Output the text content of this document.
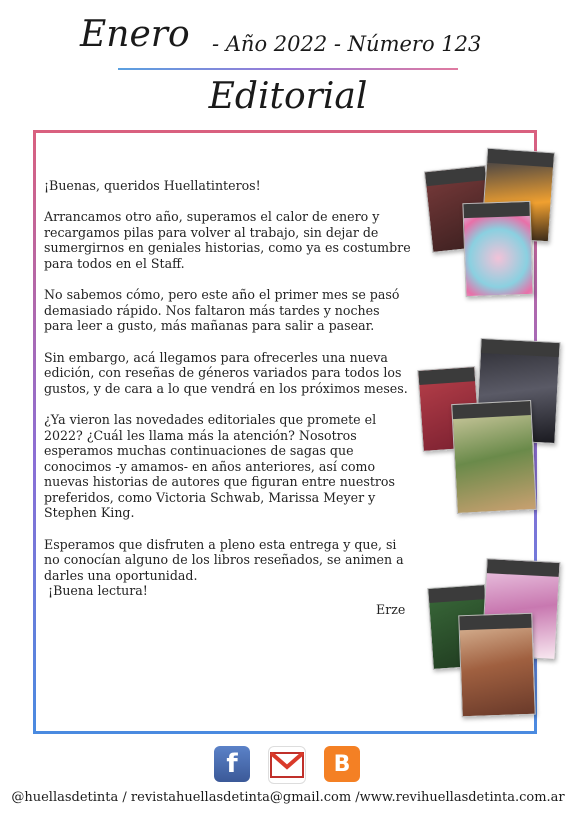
Enero - Año 2022 - Número 123
Editorial

¡Buenas, queridos Huellatinteros!

Arrancamos otro año, superamos el calor de enero y recargamos pilas para volver al trabajo, sin dejar de sumergirnos en geniales historias, como ya es costumbre para todos en el Staff.

No sabemos cómo, pero este año el primer mes se pasó demasiado rápido. Nos faltaron más tardes y noches para leer a gusto, más mañanas para salir a pasear.

Sin embargo, acá llegamos para ofrecerles una nueva edición, con reseñas de géneros variados para todos los gustos, y de cara a lo que vendrá en los próximos meses.

¿Ya vieron las novedades editoriales que promete el 2022? ¿Cuál les llama más la atención? Nosotros esperamos muchas continuaciones de sagas que conocimos -y amamos- en años anteriores, así como nuevas historias de autores que figuran entre nuestros preferidos, como Victoria Schwab, Marissa Meyer y Stephen King.

Esperamos que disfruten a pleno esta entrega y que, si no conocían alguno de los libros reseñados, se animen a darles una oportunidad.

¡Buena lectura!
Erze
f	B
@huellasdetinta / revistahuellasdetinta@gmail.com /www.revihuellasdetinta.com.ar
